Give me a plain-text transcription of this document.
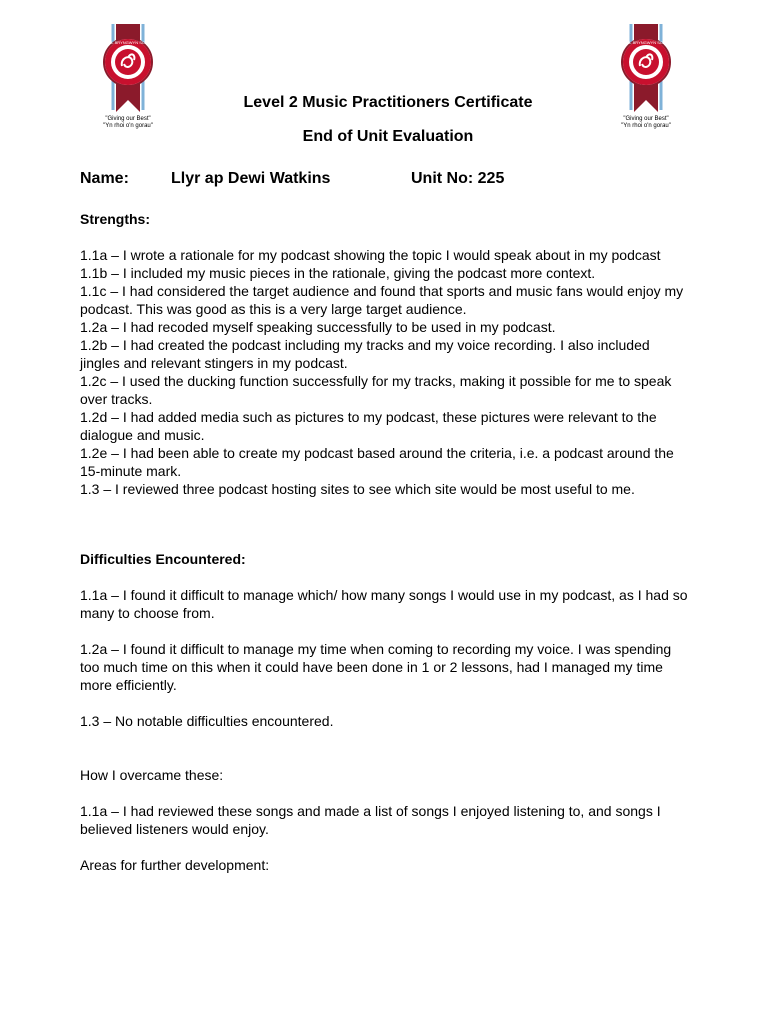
YSGOL BRYNGWYN SCHOOL
"Giving our Best"
"Yn rhoi o'n gorau"
YSGOL BRYNGWYN SCHOOL
"Giving our Best"
"Yn rhoi o'n gorau"
Level 2 Music Practitioners Certificate
End of Unit Evaluation
Name:	Llyr ap Dewi Watkins	Unit No: 225

Strengths:

1.1a – I wrote a rationale for my podcast showing the topic I would speak about in my podcast

1.1b – I included my music pieces in the rationale, giving the podcast more context.

1.1c – I had considered the target audience and found that sports and music fans would enjoy my podcast. This was good as this is a very large target audience.

1.2a – I had recoded myself speaking successfully to be used in my podcast.

1.2b – I had created the podcast including my tracks and my voice recording. I also included jingles and relevant stingers in my podcast.

1.2c – I used the ducking function successfully for my tracks, making it possible for me to speak over tracks.

1.2d – I had added media such as pictures to my podcast, these pictures were relevant to the dialogue and music.

1.2e – I had been able to create my podcast based around the criteria, i.e. a podcast around the 15-minute mark.

1.3 – I reviewed three podcast hosting sites to see which site would be most useful to me.

Difficulties Encountered:

1.1a – I found it difficult to manage which/ how many songs I would use in my podcast, as I had so many to choose from.

1.2a – I found it difficult to manage my time when coming to recording my voice. I was spending too much time on this when it could have been done in 1 or 2 lessons, had I managed my time more efficiently.

1.3 – No notable difficulties encountered.

How I overcame these:

1.1a – I had reviewed these songs and made a list of songs I enjoyed listening to, and songs I believed listeners would enjoy.

Areas for further development:
